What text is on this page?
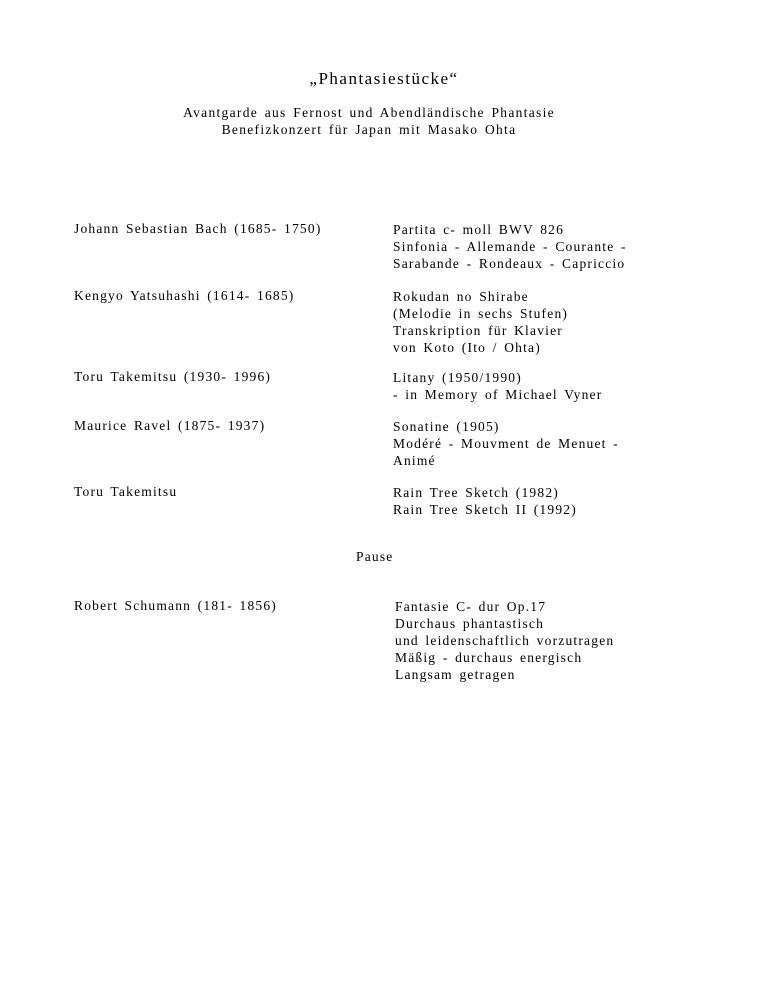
„Phantasiestücke“
Avantgarde aus Fernost und Abendländische Phantasie
Benefizkonzert für Japan mit Masako Ohta
Johann Sebastian Bach (1685- 1750)	Partita c- moll BWV 826
Sinfonia - Allemande - Courante -
Sarabande - Rondeaux - Capriccio
Kengyo Yatsuhashi (1614- 1685)	Rokudan no Shirabe
(Melodie in sechs Stufen)
Transkription für Klavier
von Koto (Ito / Ohta)
Toru Takemitsu (1930- 1996)	Litany (1950/1990)
- in Memory of Michael Vyner
Maurice Ravel (1875- 1937)	Sonatine (1905)
Modéré - Mouvment de Menuet -
Animé
Toru Takemitsu	Rain Tree Sketch (1982)
Rain Tree Sketch II (1992)
Pause
Robert Schumann (181- 1856)	Fantasie C- dur Op.17
Durchaus phantastisch
und leidenschaftlich vorzutragen
Mäßig - durchaus energisch
Langsam getragen
